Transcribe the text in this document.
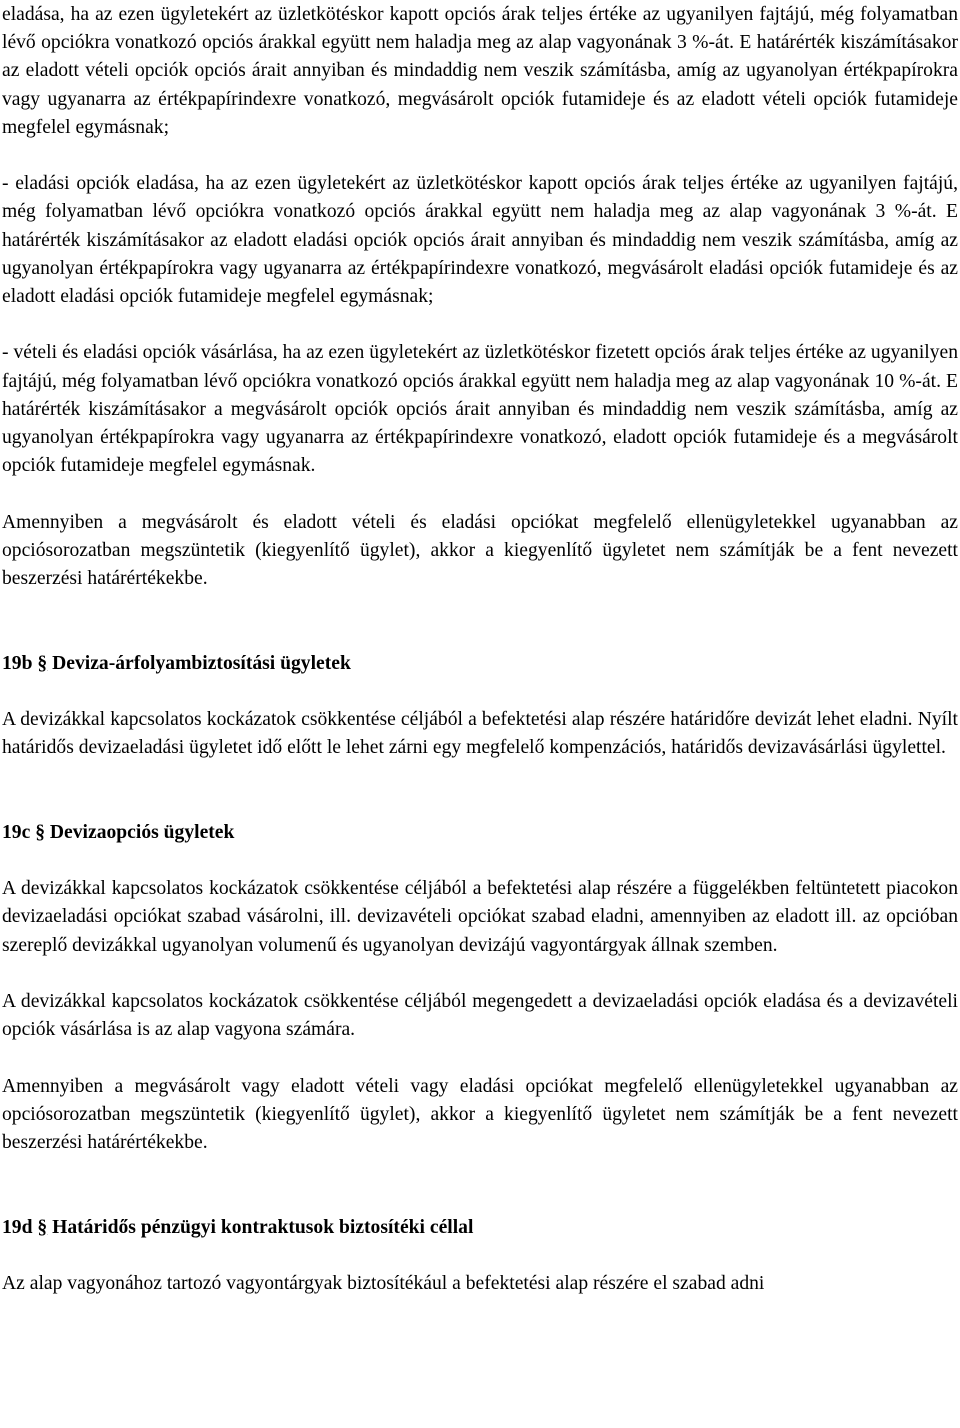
eladása, ha az ezen ügyletekért az üzletkötéskor kapott opciós árak teljes értéke az ugyanilyen fajtájú, még folyamatban lévő opciókra vonatkozó opciós árakkal együtt nem haladja meg az alap vagyonának 3 %-át. E határérték kiszámításakor az eladott vételi opciók opciós árait annyiban és mindaddig nem veszik számításba, amíg az ugyanolyan értékpapírokra vagy ugyanarra az értékpapírindexre vonatkozó, megvásárolt opciók futamideje és az eladott vételi opciók futamideje megfelel egymásnak;

- eladási opciók eladása, ha az ezen ügyletekért az üzletkötéskor kapott opciós árak teljes értéke az ugyanilyen fajtájú, még folyamatban lévő opciókra vonatkozó opciós árakkal együtt nem haladja meg az alap vagyonának 3 %-át. E határérték kiszámításakor az eladott eladási opciók opciós árait annyiban és mindaddig nem veszik számításba, amíg az ugyanolyan értékpapírokra vagy ugyanarra az értékpapírindexre vonatkozó, megvásárolt eladási opciók futamideje és az eladott eladási opciók futamideje megfelel egymásnak;

- vételi és eladási opciók vásárlása, ha az ezen ügyletekért az üzletkötéskor fizetett opciós árak teljes értéke az ugyanilyen fajtájú, még folyamatban lévő opciókra vonatkozó opciós árakkal együtt nem haladja meg az alap vagyonának 10 %-át. E határérték kiszámításakor a megvásárolt opciók opciós árait annyiban és mindaddig nem veszik számításba, amíg az ugyanolyan értékpapírokra vagy ugyanarra az értékpapírindexre vonatkozó, eladott opciók futamideje és a megvásárolt opciók futamideje megfelel egymásnak.

Amennyiben a megvásárolt és eladott vételi és eladási opciókat megfelelő ellenügyletekkel ugyanabban az opciósorozatban megszüntetik (kiegyenlítő ügylet), akkor a kiegyenlítő ügyletet nem számítják be a fent nevezett beszerzési határértékekbe.

19b § Deviza-árfolyambiztosítási ügyletek

A devizákkal kapcsolatos kockázatok csökkentése céljából a befektetési alap részére határidőre devizát lehet eladni. Nyílt határidős devizaeladási ügyletet idő előtt le lehet zárni egy megfelelő kompenzációs, határidős devizavásárlási ügylettel.

19c § Devizaopciós ügyletek

A devizákkal kapcsolatos kockázatok csökkentése céljából a befektetési alap részére a függelékben feltüntetett piacokon devizaeladási opciókat szabad vásárolni, ill. devizavételi opciókat szabad eladni, amennyiben az eladott ill. az opcióban szereplő devizákkal ugyanolyan volumenű és ugyanolyan devizájú vagyontárgyak állnak szemben.

A devizákkal kapcsolatos kockázatok csökkentése céljából megengedett a devizaeladási opciók eladása és a devizavételi opciók vásárlása is az alap vagyona számára.

Amennyiben a megvásárolt vagy eladott vételi vagy eladási opciókat megfelelő ellenügyletekkel ugyanabban az opciósorozatban megszüntetik (kiegyenlítő ügylet), akkor a kiegyenlítő ügyletet nem számítják be a fent nevezett beszerzési határértékekbe.

19d § Határidős pénzügyi kontraktusok biztosítéki céllal

Az alap vagyonához tartozó vagyontárgyak biztosítékául a befektetési alap részére el szabad adni
